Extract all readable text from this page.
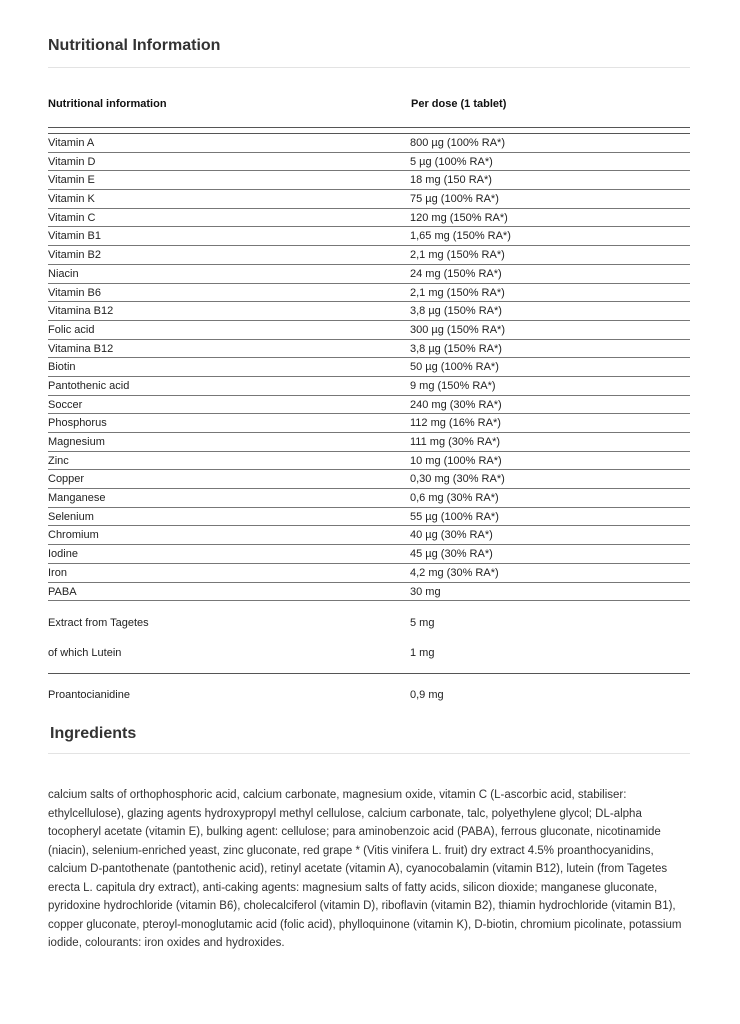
Nutritional Information
Nutritional information	Per dose (1 tablet)
Vitamin A	800 µg (100% RA*)
Vitamin D	5 µg (100% RA*)
Vitamin E	18 mg (150 RA*)
Vitamin K	75 µg (100% RA*)
Vitamin C	120 mg (150% RA*)
Vitamin B1	1,65 mg (150% RA*)
Vitamin B2	2,1 mg (150% RA*)
Niacin	24 mg (150% RA*)
Vitamin B6	2,1 mg (150% RA*)
Vitamina B12	3,8 µg (150% RA*)
Folic acid	300 µg (150% RA*)
Vitamina B12	3,8 µg (150% RA*)
Biotin	50 µg (100% RA*)
Pantothenic acid	9 mg (150% RA*)
Soccer	240 mg (30% RA*)
Phosphorus	112 mg (16% RA*)
Magnesium	111 mg (30% RA*)
Zinc	10 mg (100% RA*)
Copper	0,30 mg (30% RA*)
Manganese	0,6 mg (30% RA*)
Selenium	55 µg (100% RA*)
Chromium	40 µg (30% RA*)
Iodine	45 µg (30% RA*)
Iron	4,2 mg (30% RA*)
PABA	30 mg
Extract from Tagetes	5 mg
of which Lutein	1 mg
Proantocianidine	0,9 mg
Ingredients

calcium salts of orthophosphoric acid, calcium carbonate, magnesium oxide, vitamin C (L-ascorbic acid, stabiliser: ethylcellulose), glazing agents hydroxypropyl methyl cellulose, calcium carbonate, talc, polyethylene glycol; DL-alpha tocopheryl acetate (vitamin E), bulking agent: cellulose; para aminobenzoic acid (PABA), ferrous gluconate, nicotinamide (niacin), selenium-enriched yeast, zinc gluconate, red grape * (Vitis vinifera L. fruit) dry extract 4.5% proanthocyanidins, calcium D-pantothenate (pantothenic acid), retinyl acetate (vitamin A), cyanocobalamin (vitamin B12), lutein (from Tagetes erecta L. capitula dry extract), anti-caking agents: magnesium salts of fatty acids, silicon dioxide; manganese gluconate, pyridoxine hydrochloride (vitamin B6), cholecalciferol (vitamin D), riboflavin (vitamin B2), thiamin hydrochloride (vitamin B1), copper gluconate, pteroyl-monoglutamic acid (folic acid), phylloquinone (vitamin K), D-biotin, chromium picolinate, potassium iodide, colourants: iron oxides and hydroxides.
